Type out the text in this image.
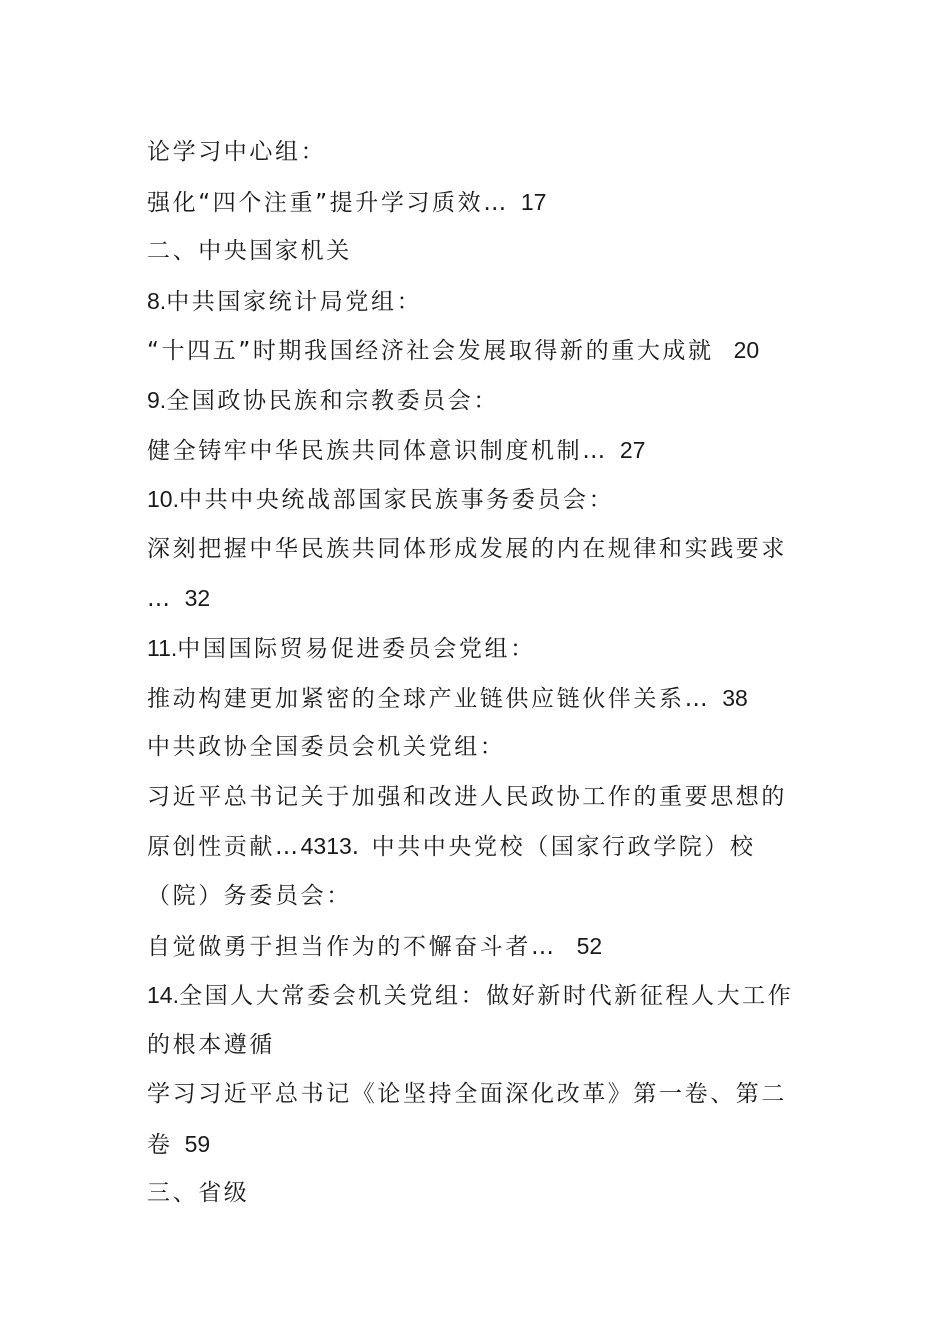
论学习中心组：
强化“四个注重”提升学习质效… 17
二、中央国家机关
8.中共国家统计局党组：
“十四五”时期我国经济社会发展取得新的重大成就 20
9.全国政协民族和宗教委员会：
健全铸牢中华民族共同体意识制度机制… 27
10.中共中央统战部国家民族事务委员会：
深刻把握中华民族共同体形成发展的内在规律和实践要求
… 32
11.中国国际贸易促进委员会党组：
推动构建更加紧密的全球产业链供应链伙伴关系… 38
中共政协全国委员会机关党组：
习近平总书记关于加强和改进人民政协工作的重要思想的
原创性贡献…4313. 中共中央党校（国家行政学院）校
（院）务委员会：
自觉做勇于担当作为的不懈奋斗者… 52
14.全国人大常委会机关党组：做好新时代新征程人大工作
的根本遵循
学习习近平总书记《论坚持全面深化改革》第一卷、第二
卷 59
三、省级
